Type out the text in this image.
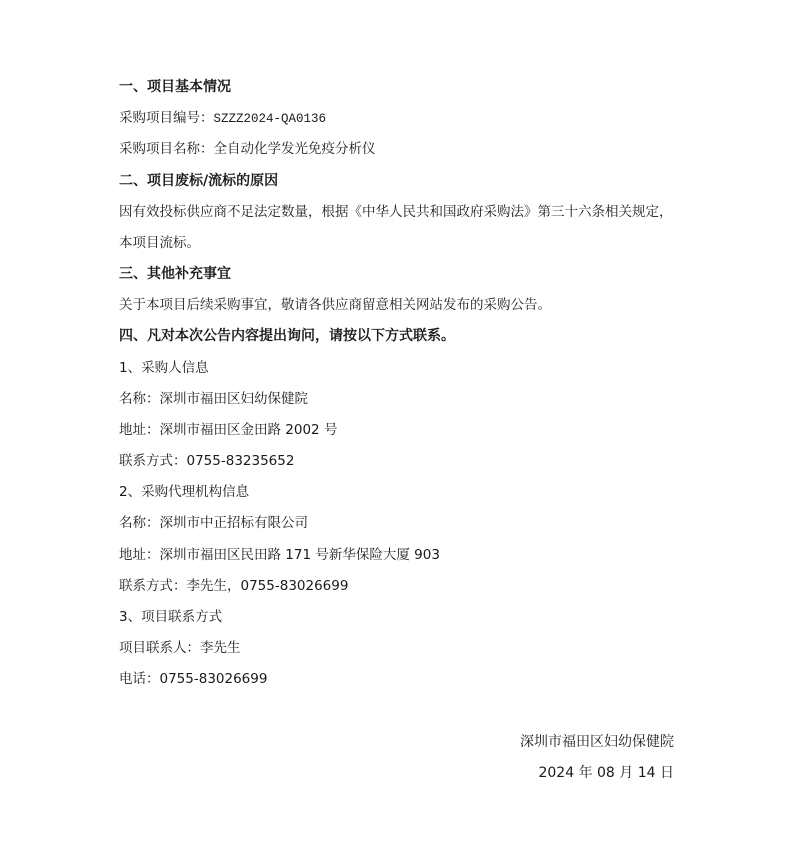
一、项目基本情况
采购项目编号：SZZZ2024-QA0136
采购项目名称：全自动化学发光免疫分析仪
二、项目废标/流标的原因
因有效投标供应商不足法定数量，根据《中华人民共和国政府采购法》第三十六条相关规定，
本项目流标。
三、其他补充事宜
关于本项目后续采购事宜，敬请各供应商留意相关网站发布的采购公告。
四、凡对本次公告内容提出询问，请按以下方式联系。
1、采购人信息
名称：深圳市福田区妇幼保健院
地址：深圳市福田区金田路 2002 号
联系方式：0755-83235652
2、采购代理机构信息
名称：深圳市中正招标有限公司
地址：深圳市福田区民田路 171 号新华保险大厦 903
联系方式：李先生，0755-83026699
3、项目联系方式
项目联系人：李先生
电话：0755-83026699
深圳市福田区妇幼保健院
2024 年 08 月 14 日
